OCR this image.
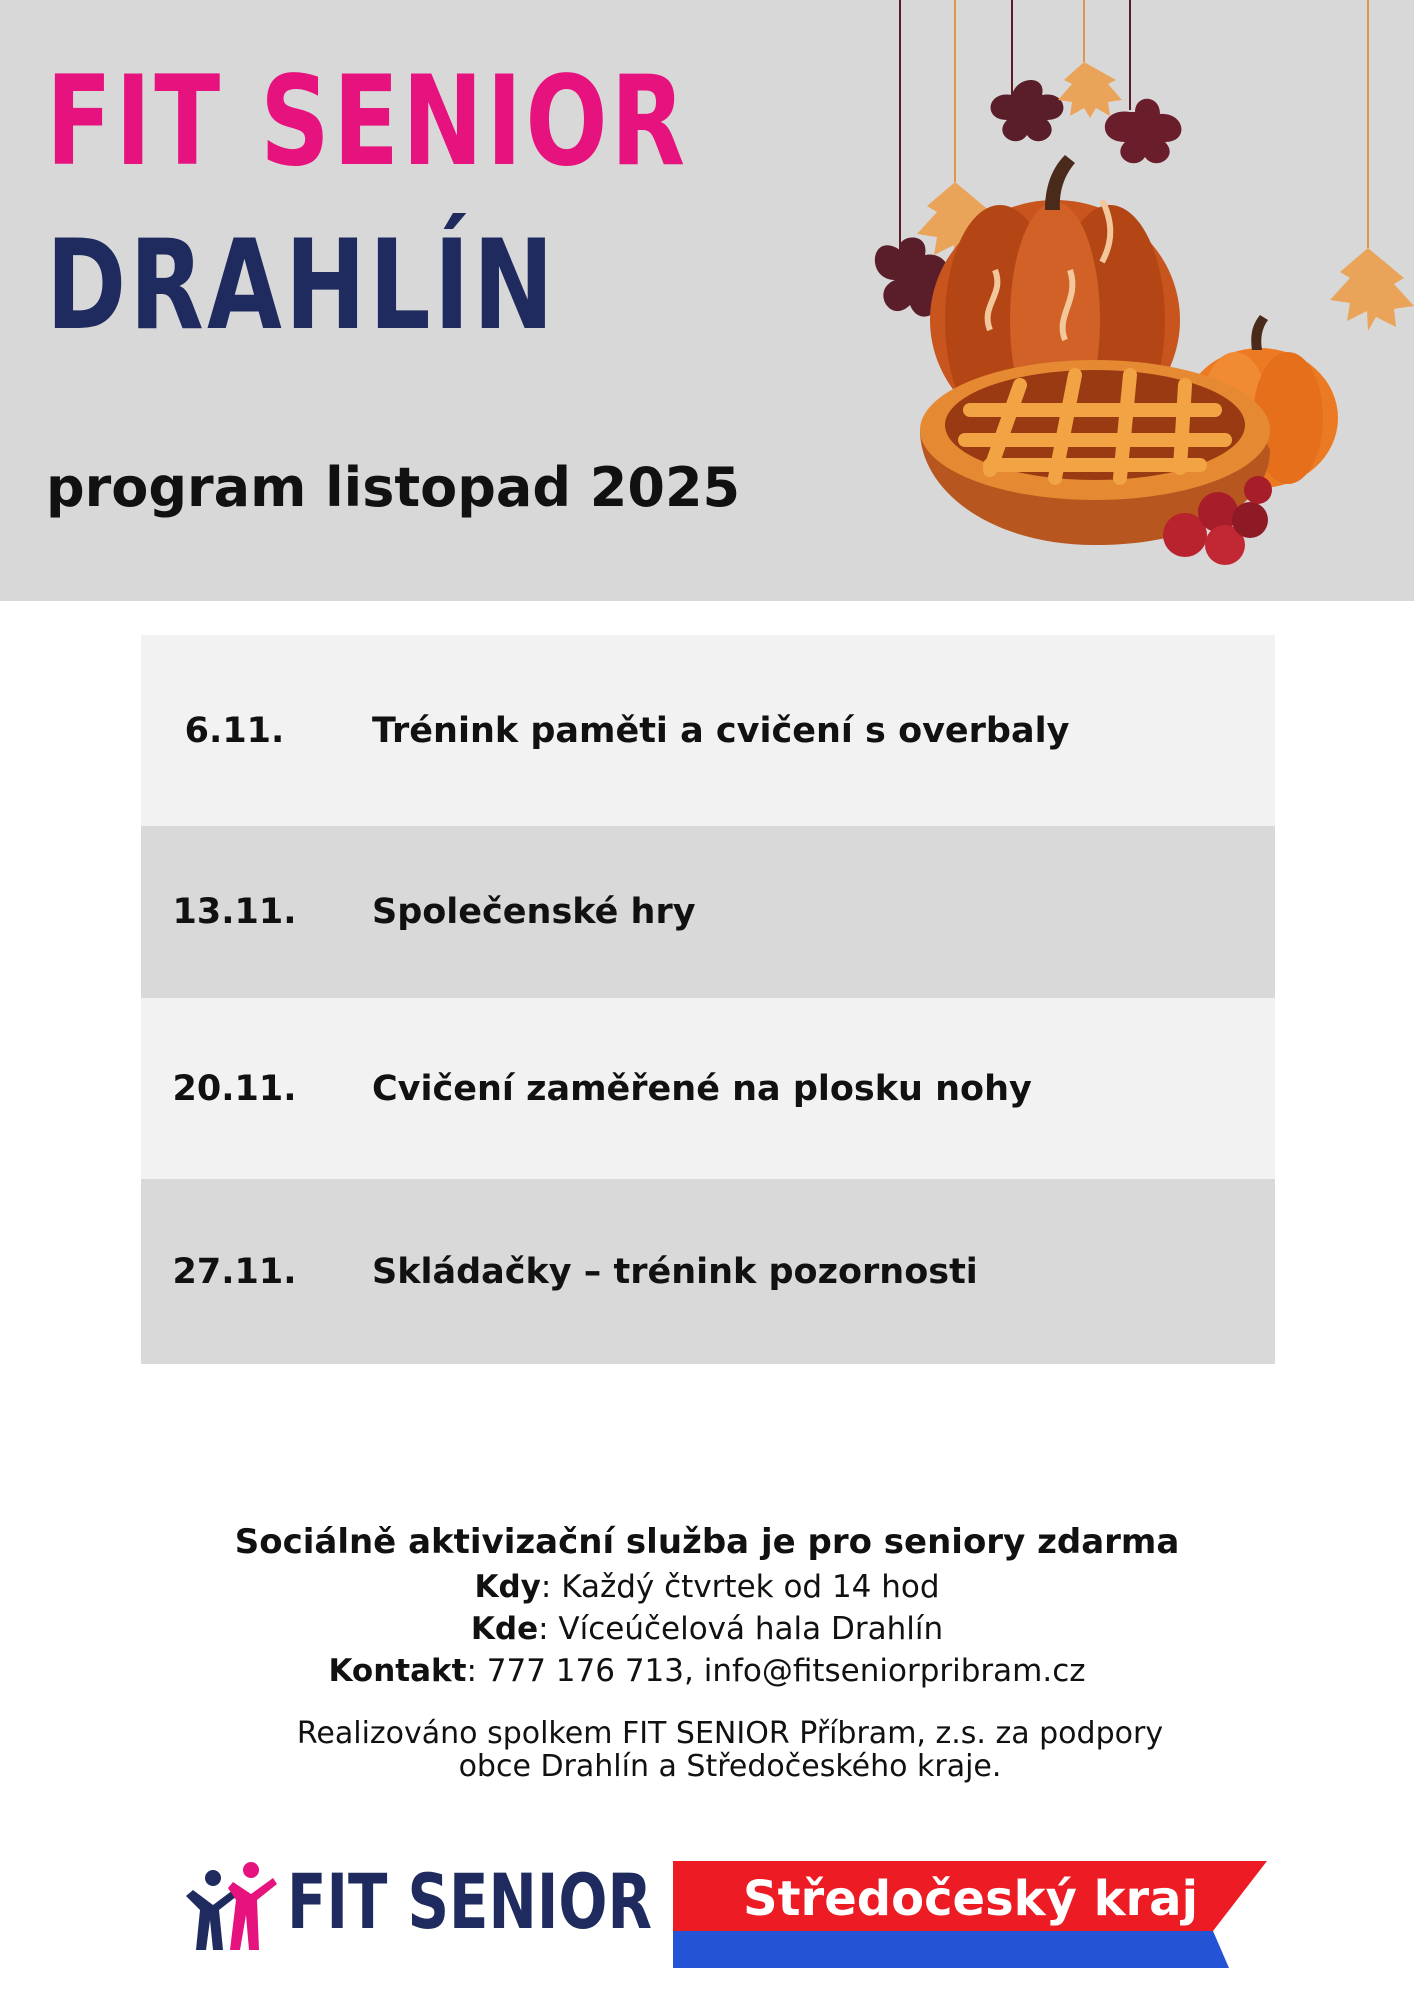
FIT SENIOR
DRAHLÍN
program listopad 2025
6.11.	Trénink paměti a cvičení s overbaly
13.11.	Společenské hry
20.11.	Cvičení zaměřené na plosku nohy
27.11.	Skládačky – trénink pozornosti
Sociálně aktivizační služba je pro seniory zdarma
Kdy: Každý čtvrtek od 14 hod
Kde: Víceúčelová hala Drahlín
Kontakt: 777 176 713, info@fitseniorpribram.cz
Realizováno spolkem FIT SENIOR Příbram, z.s. za podpory
obce Drahlín a Středočeského kraje.
FIT SENIOR Středočeský kraj
